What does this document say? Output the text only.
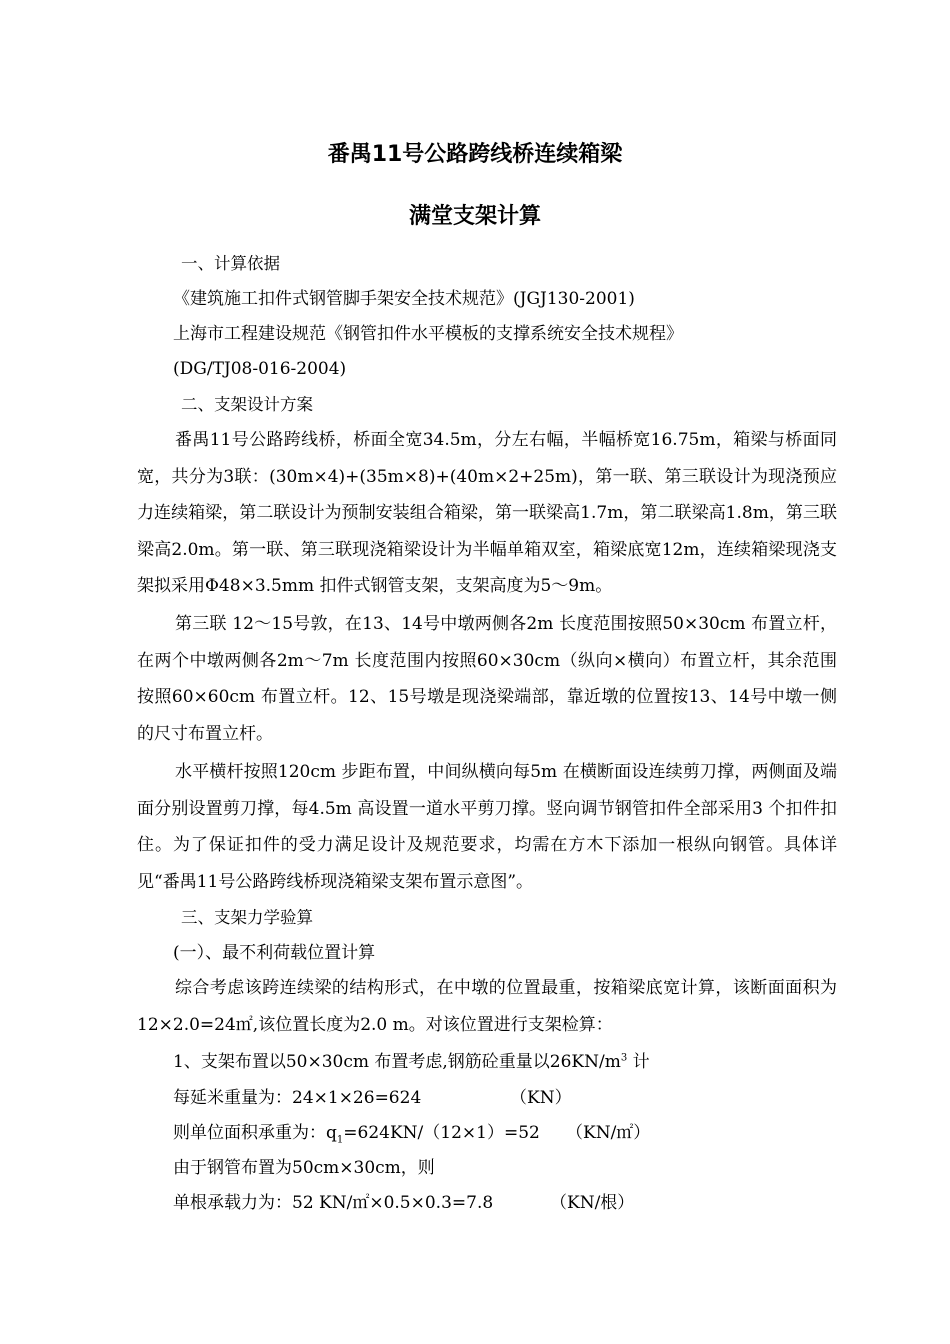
番禺11号公路跨线桥连续箱梁
满堂支架计算
一、计算依据
《建筑施工扣件式钢管脚手架安全技术规范》(JGJ130-2001)
上海市工程建设规范《钢管扣件水平模板的支撑系统安全技术规程》
(DG/TJ08-016-2004)
二、支架设计方案
番禺11号公路跨线桥，桥面全宽34.5m，分左右幅，半幅桥宽16.75m，箱梁与桥面同宽，共分为3联：(30m×4)+(35m×8)+(40m×2+25m)，第一联、第三联设计为现浇预应力连续箱梁，第二联设计为预制安装组合箱梁，第一联梁高1.7m，第二联梁高1.8m，第三联梁高2.0m。第一联、第三联现浇箱梁设计为半幅单箱双室，箱梁底宽12m，连续箱梁现浇支架拟采用Φ48×3.5mm 扣件式钢管支架，支架高度为5～9m。
第三联 12～15号敦，在13、14号中墩两侧各2m 长度范围按照50×30cm 布置立杆，在两个中墩两侧各2m～7m 长度范围内按照60×30cm（纵向×横向）布置立杆，其余范围按照60×60cm 布置立杆。12、15号墩是现浇梁端部，靠近墩的位置按13、14号中墩一侧的尺寸布置立杆。
水平横杆按照120cm 步距布置，中间纵横向每5m 在横断面设连续剪刀撑，两侧面及端面分别设置剪刀撑，每4.5m 高设置一道水平剪刀撑。竖向调节钢管扣件全部采用3 个扣件扣住。为了保证扣件的受力满足设计及规范要求，均需在方木下添加一根纵向钢管。具体详见“番禺11号公路跨线桥现浇箱梁支架布置示意图”。
三、支架力学验算
(一）、最不利荷载位置计算
综合考虑该跨连续梁的结构形式，在中墩的位置最重，按箱梁底宽计算，该断面面积为12×2.0=24㎡,该位置长度为2.0 m。对该位置进行支架检算：
1、支架布置以50×30cm 布置考虑,钢筋砼重量以$26KN/m^3$ 计
每延米重量为：24×1×26=624	（KN）
则单位面积承重为：$q_1=624KN/(12\times 1)=52$ （KN/㎡）
由于钢管布置为50cm×30cm，则
单根承载力为：52 KN/㎡×0.5×0.3=7.8	（KN/根）
